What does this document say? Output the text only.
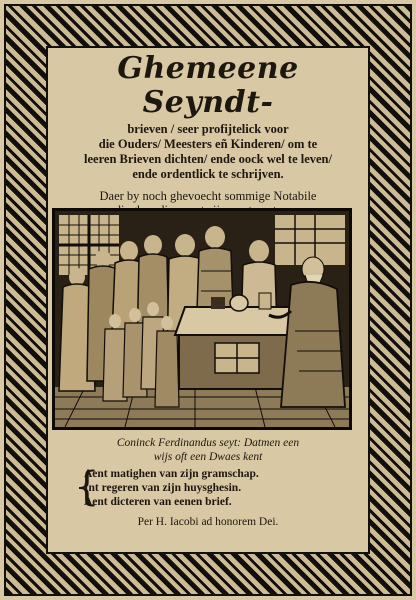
Ghemeene Seyndt-

brieven / seer profijtelick voor
die Ouders/ Meesters eñ Kinderen/ om te
leeren Brieven dichten/ ende oock wel te leven/
ende ordentlick te schrijven.

Daer by noch ghevoecht sommige Notabile

Coninck Ferdinandus seyt: Datmen een
wijs oft een Dwaes kent
{
Aent matighen van zijn gramschap.
Int regeren van zijn huysghesin.
Aent dicteren van eenen brief.
Per H. Iacobi ad honorem Dei.
